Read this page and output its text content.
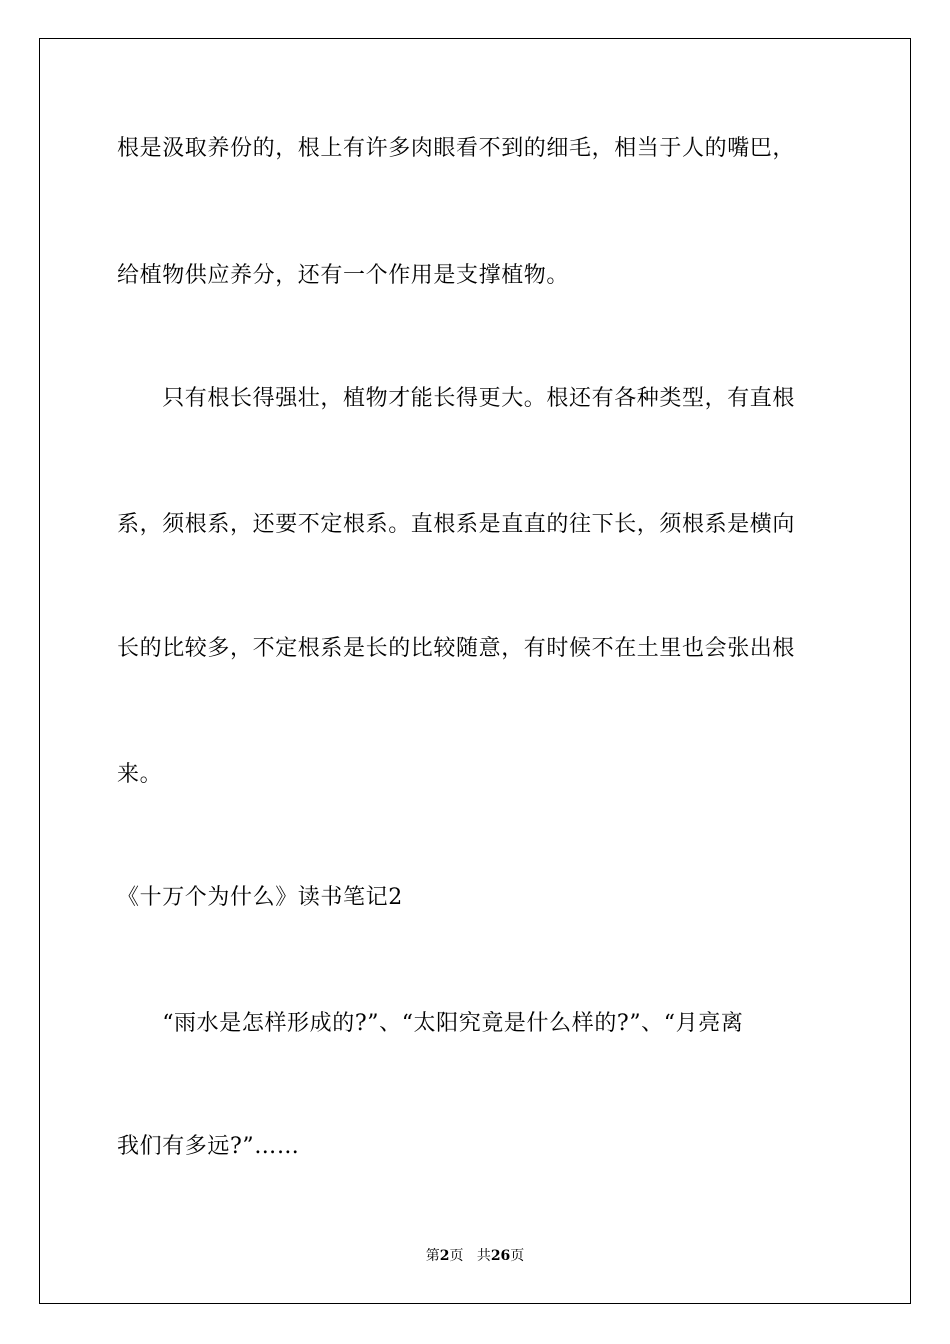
根是汲取养份的，根上有许多肉眼看不到的细毛，相当于人的嘴巴，
给植物供应养分，还有一个作用是支撑植物。
　　只有根长得强壮，植物才能长得更大。根还有各种类型，有直根
系，须根系，还要不定根系。直根系是直直的往下长，须根系是横向
长的比较多，不定根系是长的比较随意，有时候不在土里也会张出根
来。
《十万个为什么》读书笔记2
　　“雨水是怎样形成的?”、“太阳究竟是什么样的?”、“月亮离
我们有多远?”……
第2页 共26页
